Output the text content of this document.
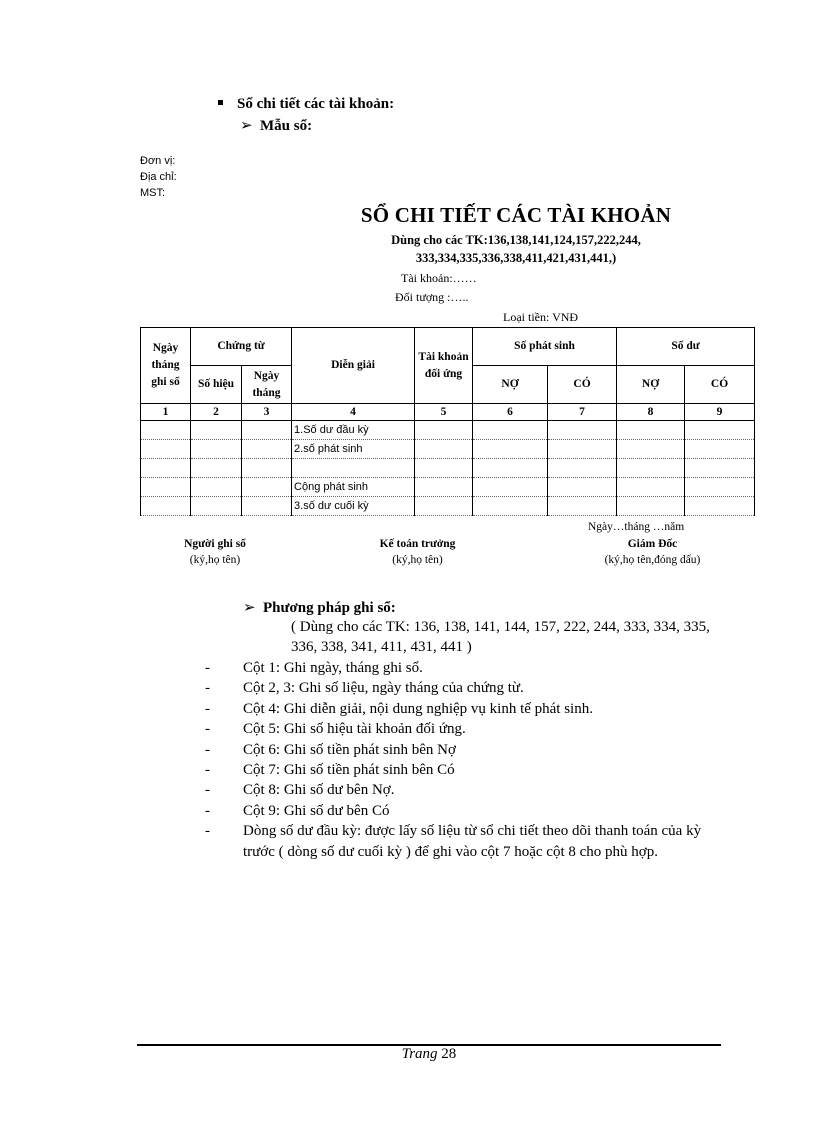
Sổ chi tiết các tài khoản:
➢ Mẫu sổ:
Đơn vị:
Địa chỉ:
MST:
SỔ CHI TIẾT CÁC TÀI KHOẢN
Dùng cho các TK:136,138,141,124,157,222,244,
333,334,335,336,338,411,421,431,441,)
Tài khoản:……
Đối tượng :…..
Loại tiền: VNĐ
Ngày tháng ghi sổ	Chứng từ		Diễn giải	Tài khoản đối ứng	Số phát sinh		Số dư	
	Số hiệu	Ngày tháng			NỢ	CÓ	NỢ	CÓ
1	2	3	4	5	6	7	8	9
			1.Số dư đầu kỳ					
			2.số phát sinh					

			Cộng phát sinh					
			3.số dư cuối kỳ					
Ngày…tháng …năm
Người ghi sổ
(ký,họ tên)
Kế toán trưởng
(ký,họ tên)
Giám Đốc
(ký,họ tên,đóng dấu)
➢ Phương pháp ghi sổ:
( Dùng cho các TK: 136, 138, 141, 144, 157, 222, 244, 333, 334, 335, 336, 338, 341, 411, 431, 441 )
- Cột 1: Ghi ngày, tháng ghi sổ.
- Cột 2, 3: Ghi số liệu, ngày tháng của chứng từ.
- Cột 4: Ghi diễn giải, nội dung nghiệp vụ kinh tế phát sinh.
- Cột 5: Ghi số hiệu tài khoản đối ứng.
- Cột 6: Ghi số tiền phát sinh bên Nợ
- Cột 7: Ghi số tiền phát sinh bên Có
- Cột 8: Ghi số dư bên Nợ.
- Cột 9: Ghi số dư bên Có
- Dòng số dư đầu kỳ: được lấy số liệu từ sổ chi tiết theo dõi thanh toán của kỳ trước ( dòng số dư cuối kỳ ) để ghi vào cột 7 hoặc cột 8 cho phù hợp.
Trang 28
